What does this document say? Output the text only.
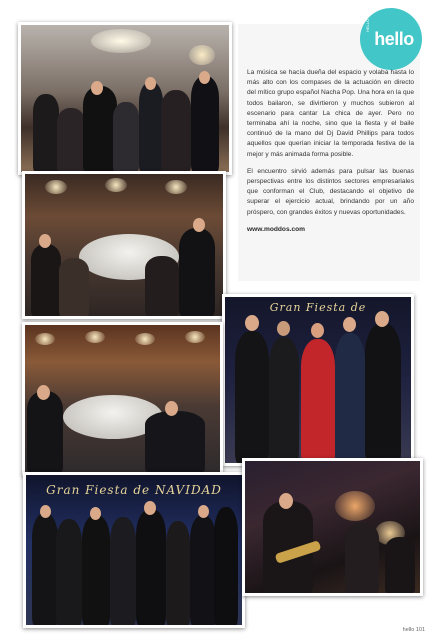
Gran Fiesta de
Gran Fiesta de NAVIDAD
HELLO
hello

La música se hacía dueña del espacio y volaba hasta lo más alto con los compases de la actuación en directo del mítico grupo español Nacha Pop. Una hora en la que todos bailaron, se divirtieron y muchos subieron al escenario para cantar La chica de ayer. Pero no terminaba ahí la noche, sino que la fiesta y el baile continuó de la mano del Dj David Phillips para todos aquellos que querían iniciar la temporada festiva de la mejor y más animada forma posible.

El encuentro sirvió además para pulsar las buenas perspectivas entre los distintos sectores empresariales que conforman el Club, destacando el objetivo de superar el ejercicio actual, brindando por un año próspero, con grandes éxitos y nuevas oportunidades.

www.moddos.com

hello 101
